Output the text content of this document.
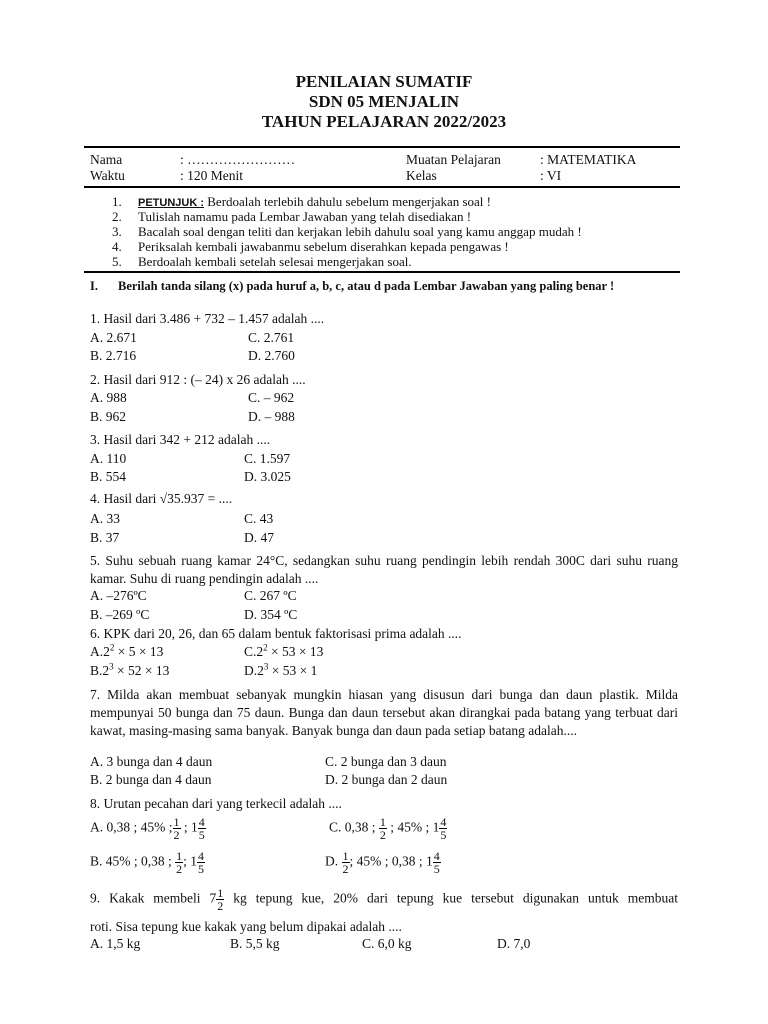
PENILAIAN SUMATIF
SDN 05 MENJALIN
TAHUN PELAJARAN 2022/2023
Nama	: ……………………	Muatan Pelajaran	: MATEMATIKA
Waktu	: 120 Menit	Kelas	: VI
1. PETUNJUK : Berdoalah terlebih dahulu sebelum mengerjakan soal !
2. Tulislah namamu pada Lembar Jawaban yang telah disediakan !
3. Bacalah soal dengan teliti dan kerjakan lebih dahulu soal yang kamu anggap mudah !
4. Periksalah kembali jawabanmu sebelum diserahkan kepada pengawas !
5. Berdoalah kembali setelah selesai mengerjakan soal.
I. Berilah tanda silang (x) pada huruf a, b, c, atau d pada Lembar Jawaban yang paling benar !
1. Hasil dari 3.486 + 732 – 1.457 adalah ....
A. 2.671	C. 2.761
B. 2.716	D. 2.760
2. Hasil dari 912 : (– 24) x 26 adalah ....
A. 988	C. – 962
B. 962	D. – 988
3. Hasil dari 342 + 212 adalah ....
A. 110	C. 1.597
B. 554	D. 3.025
4. Hasil dari √35.937 = ....
A. 33	C. 43
B. 37	D. 47
5. Suhu sebuah ruang kamar 24°C, sedangkan suhu ruang pendingin lebih rendah 300C dari suhu ruang kamar. Suhu di ruang pendingin adalah ....
A. –276ºC	C. 267 ºC
B. –269 ºC	D. 354 ºC
6. KPK dari 20, 26, dan 65 dalam bentuk faktorisasi prima adalah ....
$A.2^2 \times 5 \times 13$	$C.2^2 \times 53 \times 13$
$B.2^3 \times 52 \times 13$	$D.2^3 \times 53 \times 1$
7. Milda akan membuat sebanyak mungkin hiasan yang disusun dari bunga dan daun plastik. Milda mempunyai 50 bunga dan 75 daun. Bunga dan daun tersebut akan dirangkai pada batang yang terbuat dari kawat, masing-masing sama banyak. Banyak bunga dan daun pada setiap batang adalah....
A. 3 bunga dan 4 daun	C. 2 bunga dan 3 daun
B. 2 bunga dan 4 daun	D. 2 bunga dan 2 daun
8. Urutan pecahan dari yang terkecil adalah ....
A. 0,38 ; 45% ; $\frac{1}{2}$ ; $1 \frac{4}{5}$	C. 0,38 ; $\frac{1}{2}$ ; 45% ; $1 \frac{4}{5}$
B. 45% ; 0,38 ; $\frac{1}{2}$ ; $1 \frac{4}{5}$	D. $\frac{1}{2}$ ; 45% ; 0,38 ; $1 \frac{4}{5}$
9. Kakak membeli $7 \frac{1}{2}$ kg tepung kue, 20% dari tepung kue tersebut digunakan untuk membuat
roti. Sisa tepung kue kakak yang belum dipakai adalah ....
A. 1,5 kg	B. 5,5 kg	C. 6,0 kg	D. 7,0
